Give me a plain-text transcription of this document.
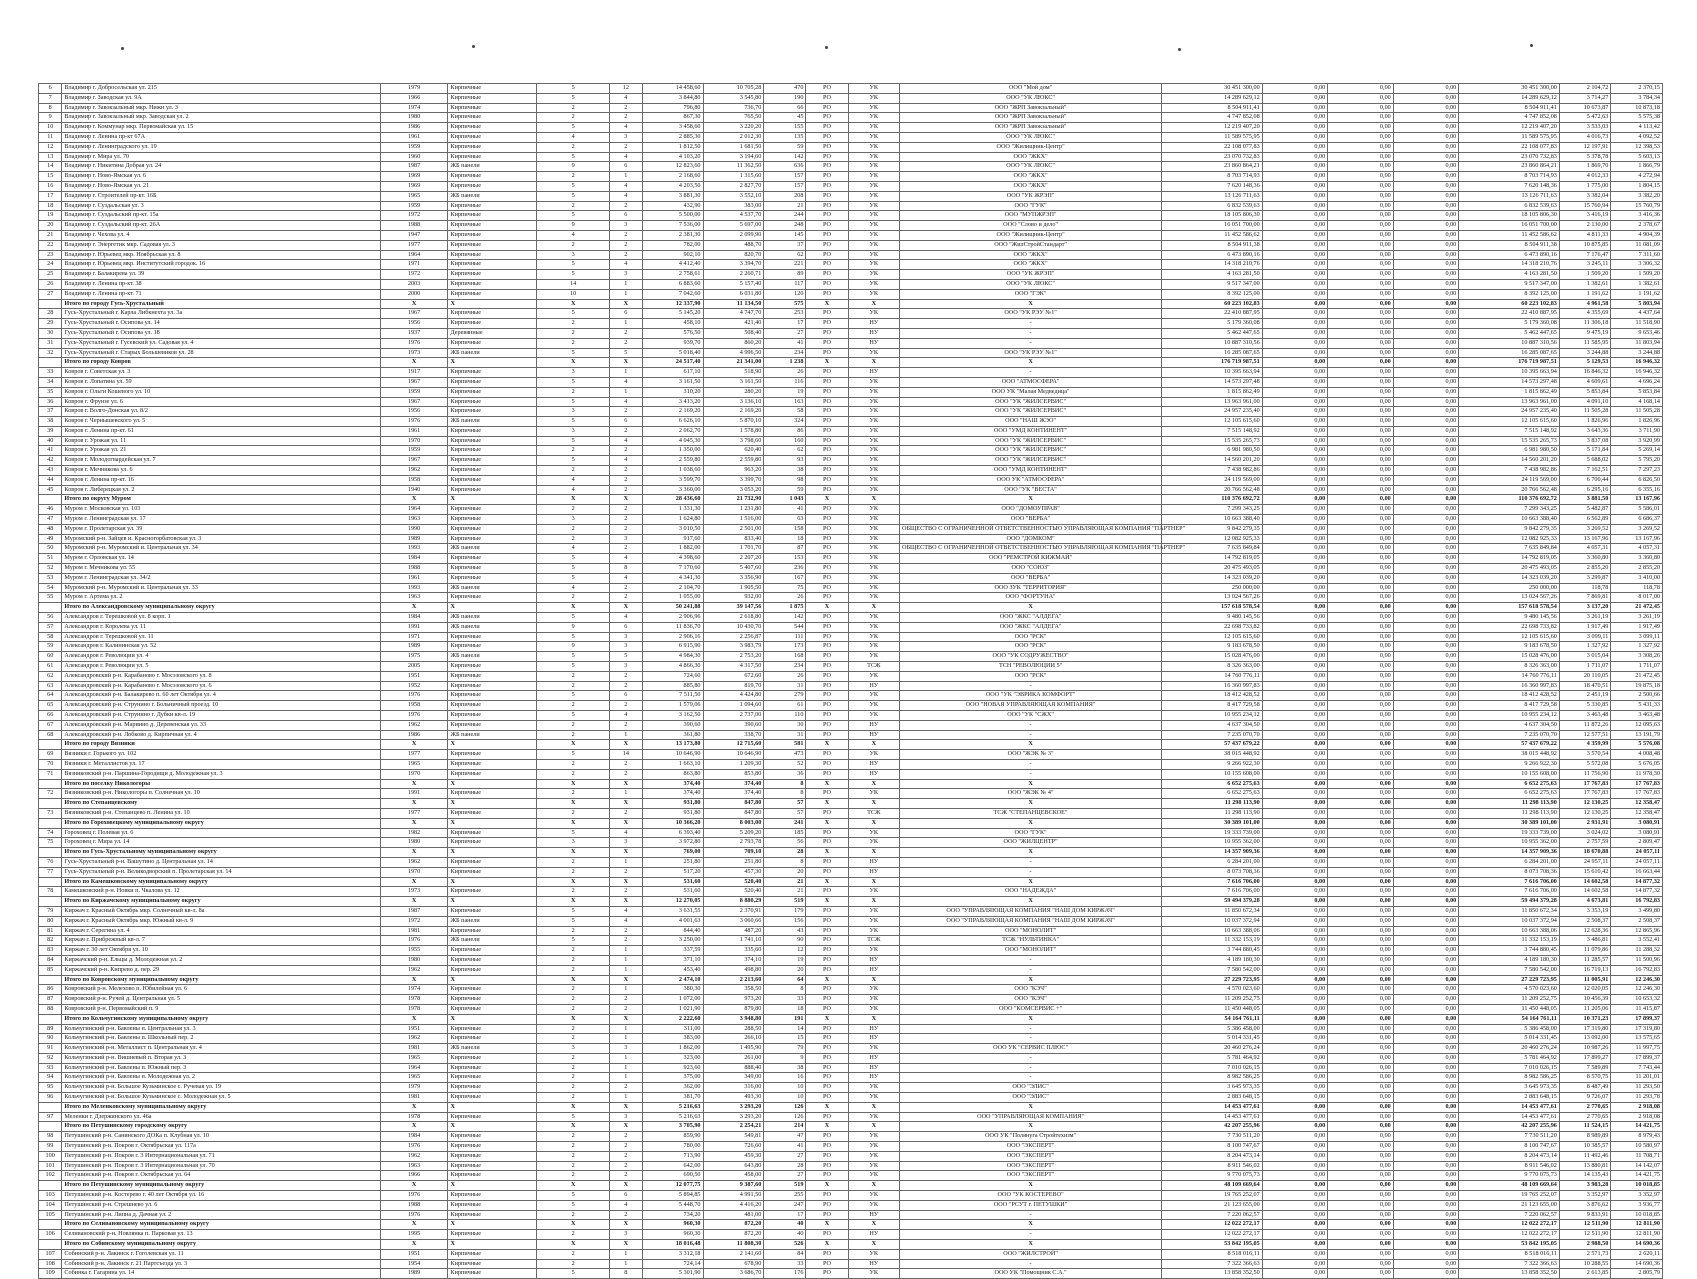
6	Владимир г. Добросельская ул. 215	1979	Кирпичные	5	12	14 458,60	10 705,28	470	РО	УК	ООО "Мой дом"	30 451 300,00	0,00	0,00	0,00	30 451 300,00	2 104,72	2 370,15
7	Владимир г. Заводская ул. 9А	1966	Кирпичные	5	4	3 844,80	3 545,80	190	РО	УК	ООО "УК ЛЮКС"	14 289 629,12	0,00	0,00	0,00	14 289 629,12	3 714,27	3 784,34
8	Владимир г. Завокзальный мкр. Нижн ул. 3	1974	Кирпичные	2	2	796,80	736,70	66	РО	УК	ООО "ЖРП Завокзальный"	8 504 911,41	0,00	0,00	0,00	8 504 911,41	10 673,87	10 873,18
9	Владимир г. Завокзальный мкр. Заводская ул. 2	1980	Кирпичные	2	2	867,30	765,50	45	РО	УК	ООО "ЖРП Завокзальный"	4 747 852,08	0,00	0,00	0,00	4 747 852,08	5 472,63	5 575,38
10	Владимир г. Коммунар мкр. Первомайская ул. 15	1986	Кирпичные	5	4	3 458,60	3 220,20	155	РО	УК	ООО "ЖРП Завокзальный"	12 219 407,20	0,00	0,00	0,00	12 219 407,20	3 533,03	4 113,42
11	Владимир г. Ленина пр-кт 67А	1961	Кирпичные	4	3	2 885,30	2 012,30	135	РО	УК	ООО "УК ЛЮКС"	11 589 575,95	0,00	0,00	0,00	11 589 575,95	4 016,73	4 092,52
12	Владимир г. Ленинградского ул. 19	1959	Кирпичные	2	2	1 812,50	1 681,50	59	РО	УК	ООО "Жилищник-Центр"	22 108 077,83	0,00	0,00	0,00	22 108 077,83	12 197,91	12 398,53
13	Владимир г. Мира ул. 70	1960	Кирпичные	5	4	4 103,20	3 194,60	142	РО	УК	ООО "ЖКХ"	23 070 732,83	0,00	0,00	0,00	23 070 732,83	5 378,78	5 603,13
14	Владимир г. Никитина Добрая ул. 24	1987	ЖБ панели	9	6	12 823,60	11 362,50	636	РО	УК	ООО "УК ЛЮКС"	23 860 864,21	0,00	0,00	0,00	23 860 864,21	1 869,70	1 866,79
15	Владимир г. Ново-Ямская ул. 6	1969	Кирпичные	2	1	2 168,60	1 315,60	157	РО	УК	ООО "ЖКХ"	8 703 714,93	0,00	0,00	0,00	8 703 714,93	4 012,33	4 272,94
16	Владимир г. Ново-Ямская ул. 21	1969	Кирпичные	5	4	4 203,50	2 827,70	157	РО	УК	ООО "ЖКХ"	7 620 148,36	0,00	0,00	0,00	7 620 148,36	1 775,00	1 804,15
17	Владимир г. Строителей пр-кт. 16Б	1965	ЖБ панели	5	4	3 881,30	3 552,10	208	РО	УК	ООО "УК ЖРЭП"	13 126 711,63	0,00	0,00	0,00	13 126 711,63	3 382,04	3 382,20
18	Владимир г. Суздальская ул. 3	1959	Кирпичные	2	2	432,90	383,00	21	РО	УК	ООО "ГУК"	6 832 539,63	0,00	0,00	0,00	6 832 539,63	15 760,94	15 760,79
19	Владимир г. Суздальский пр-кт. 15а	1972	Кирпичные	5	6	5 500,00	4 537,70	244	РО	УК	ООО "МУПЖРЭП"	18 105 806,30	0,00	0,00	0,00	18 105 806,30	3 416,19	3 416,36
20	Владимир г. Суздальский пр-кт. 26А	1988	Кирпичные	9	3	7 536,00	5 697,00	248	РО	УК	ООО "Слово и дело"	16 051 700,00	0,00	0,00	0,00	16 051 700,00	2 130,00	2 378,67
21	Владимир г. Чехова ул. 4	1947	Кирпичные	4	2	2 381,30	2 099,90	145	РО	УК	ООО "Жилищник-Центр"	11 452 586,62	0,00	0,00	0,00	11 452 586,62	4 811,33	4 904,39
22	Владимир г. Энергетик мкр. Садовая ул. 3	1977	Кирпичные	2	2	782,00	488,70	37	РО	УК	ООО "ЖилСтройСтандарт"	8 504 911,38	0,00	0,00	0,00	8 504 911,38	10 875,85	11 081,09
23	Владимир г. Юрьевец мкр. Ноябрьская ул. 8	1964	Кирпичные	3	2	902,10	820,70	62	РО	УК	ООО "ЖКХ"	6 473 890,16	0,00	0,00	0,00	6 473 890,16	7 176,47	7 311,60
24	Владимир г. Юрьевец мкр. Институтский городок. 16	1971	Кирпичные	5	4	4 412,40	3 394,70	221	РО	УК	ООО "ЖКХ"	14 318 210,76	0,00	0,00	0,00	14 318 210,76	3 245,11	3 306,32
25	Владимир г. Балакирева ул. 39	1972	Кирпичные	5	3	2 758,61	2 260,71	89	РО	УК	ООО "УК ЖРЭП"	4 163 281,50	0,00	0,00	0,00	4 163 281,50	1 509,20	1 509,20
26	Владимир г. Ленина пр-кт. 38	2003	Кирпичные	14	1	6 883,60	5 157,40	117	РО	УК	ООО "УК ЛЮКС"	9 517 347,00	0,00	0,00	0,00	9 517 347,00	1 382,61	1 382,61
27	Владимир г. Ленина пр-кт. 71	2000	Кирпичные	10	1	7 042,60	6 031,80	120	РО	УК	ООО "ГЭК"	8 392 125,00	0,00	0,00	0,00	8 392 125,00	1 191,62	1 191,62
	Итого по городу Гусь-Хрустальный	X	X	X	X	12 337,90	11 134,50	575	X	X	X	60 223 102,83	0,00	0,00	0,00	60 223 102,83	4 961,58	5 803,94
28	Гусь-Хрустальный г. Карла Либкнехта ул. 3а	1967	Кирпичные	5	6	5 145,20	4 747,70	253	РО	УК	ООО "УК РЭУ №1"	22 410 887,95	0,00	0,00	0,00	22 410 887,95	4 355,69	4 437,64
29	Гусь-Хрустальный г. Осипова ул. 14	1956	Кирпичные	2	1	458,10	421,40	17	РО	НУ	-	5 179 360,08	0,00	0,00	0,00	5 179 360,08	11 306,18	11 518,90
30	Гусь-Хрустальный г. Осипова ул. 18	1937	Деревянные	2	2	576,50	508,40	27	РО	НУ	-	5 462 447,65	0,00	0,00	0,00	5 462 447,65	9 475,19	9 653,46
31	Гусь-Хрустальный г. Гусевский ул. Садовая ул. 4	1976	Кирпичные	2	2	939,70	860,20	41	РО	НУ	-	10 887 310,56	0,00	0,00	0,00	10 887 310,56	11 585,95	11 803,94
32	Гусь-Хрустальный г. Старых Большевиков ул. 28	1973	ЖБ панели	5	5	5 018,40	4 996,50	234	РО	УК	ООО "УК РЭУ №1"	16 285 087,65	0,00	0,00	0,00	16 285 087,65	3 244,88	3 244,88
	Итого по городу Ковров	X	X	X	X	24 517,40	21 341,00	1 238	X	X	X	176 719 987,51	0,00	0,00	0,00	176 719 987,51	5 129,53	16 946,32
33	Ковров г. Советская ул. 3	1917	Кирпичные	3	1	617,10	518,90	26	РО	НУ	-	10 395 663,94	0,00	0,00	0,00	10 395 663,94	16 846,32	16 946,32
34	Ковров г. Лопатина ул. 59	1967	Кирпичные	5	4	3 161,50	3 161,50	116	РО	УК	ООО "АТМОСФЕРА"	14 573 297,48	0,00	0,00	0,00	14 573 297,48	4 609,61	4 696,24
35	Ковров г. Ольги Кошевого ул. 10	1959	Кирпичные	2	1	310,20	280,20	19	РО	УК	ООО УК "Малая Медведица"	1 815 862,49	0,00	0,00	0,00	1 815 862,49	5 853,84	5 853,84
36	Ковров г. Фрунзе ул. 6	1967	Кирпичные	5	4	3 413,20	3 136,10	163	РО	УК	ООО "УК "ЖИЛСЕРВИС"	13 963 961,00	0,00	0,00	0,00	13 963 961,00	4 091,10	4 168,14
37	Ковров г. Волго-Донская ул. 8/2	1956	Кирпичные	3	2	2 169,20	2 169,20	58	РО	УК	ООО "УК "ЖИЛСЕРВИС"	24 957 235,40	0,00	0,00	0,00	24 957 235,40	11 505,28	11 505,28
38	Ковров г. Чернышевского ул. 5	1976	ЖБ панели	5	6	6 626,10	5 870,10	324	РО	УК	ООО "НАШ ЖЭО"	12 105 615,60	0,00	0,00	0,00	12 105 615,60	1 826,96	1 826,96
39	Ковров г. Ленина пр-кт. 61	1961	Кирпичные	3	2	2 062,70	1 578,80	86	РО	УК	ООО "УМД КОНТИНЕНТ"	7 515 148,92	0,00	0,00	0,00	7 515 148,92	3 643,36	3 711,90
40	Ковров г. Урожая ул. 11	1970	Кирпичные	5	4	4 045,30	3 798,60	160	РО	УК	ООО "УК "ЖИЛСЕРВИС"	15 535 265,73	0,00	0,00	0,00	15 535 265,73	3 837,08	3 920,99
41	Ковров г. Урожая ул. 21	1959	Кирпичные	2	2	1 350,00	620,40	62	РО	УК	ООО "УК "ЖИЛСЕРВИС"	6 981 980,50	0,00	0,00	0,00	6 981 980,50	5 171,84	5 269,14
42	Ковров г. Молодогвардейская ул. 7	1967	Кирпичные	5	4	2 559,80	2 559,80	93	РО	УК	ООО "УК "ЖИЛСЕРВИС"	14 560 201,20	0,00	0,00	0,00	14 560 201,20	5 688,02	5 795,20
43	Ковров г. Мечникова ул. 6	1962	Кирпичные	2	2	1 038,60	963,20	38	РО	УК	ООО "УМД КОНТИНЕНТ"	7 438 982,86	0,00	0,00	0,00	7 438 982,86	7 162,51	7 297,23
44	Ковров г. Ленина пр-кт. 16	1958	Кирпичные	4	2	3 599,70	3 399,70	98	РО	УК	ООО УК "АТМОСФЕРА"	24 119 569,00	0,00	0,00	0,00	24 119 569,00	6 700,44	6 826,50
45	Ковров г. Либерецкая ул. 2	1940	Кирпичные	4	2	3 360,00	3 053,20	59	РО	УК	ООО "УК "ВЕСТА"	20 766 562,48	0,00	0,00	0,00	20 766 562,48	6 295,16	6 355,16
	Итого по округу Муром	X	X	X	X	28 436,60	21 732,90	1 043	X	X	X	110 376 692,72	0,00	0,00	0,00	110 376 692,72	3 881,50	13 167,96
46	Муром г. Московская ул. 103	1964	Кирпичные	2	2	1 331,30	1 231,80	41	РО	УК	ООО "ДОМОУПРАВ"	7 299 343,25	0,00	0,00	0,00	7 299 343,25	5 482,87	5 586,01
47	Муром г. Ленинградская ул. 17	1963	Кирпичные	3	2	1 624,80	1 516,00	63	РО	УК	ООО "ВЕРБА"	10 663 388,40	0,00	0,00	0,00	10 663 388,40	6 562,89	6 686,37
48	Муром г. Пролетарская ул. 39	1990	Кирпичные	2	2	3 010,50	2 501,00	158	РО	УК	ОБЩЕСТВО С ОГРАНИЧЕННОЙ ОТВЕТСТВЕННОСТЬЮ УПРАВЛЯЮЩАЯ КОМПАНИЯ "ПАРТНЕР"	9 842 279,35	0,00	0,00	0,00	9 842 279,35	3 269,52	3 269,52
49	Муромский р-н. Зайцев и. Красногорбатовская ул. 3	1989	Кирпичные	2	3	917,60	833,40	18	РО	УК	ООО "ДОМКОМ"	12 082 925,33	0,00	0,00	0,00	12 082 925,33	13 167,96	13 167,96
50	Муромский р-н. Муромский и. Центральная ул. 34	1993	ЖБ панели	4	2	1 882,00	1 701,70	87	РО	УК	ОБЩЕСТВО С ОГРАНИЧЕННОЙ ОТВЕТСТВЕННОСТЬЮ УПРАВЛЯЮЩАЯ КОМПАНИЯ "ПАРТНЕР"	7 635 849,84	0,00	0,00	0,00	7 635 849,84	4 057,31	4 057,31
51	Муром г. Орловская ул. 14	1984	Кирпичные	5	4	4 398,60	2 207,20	153	РО	УК	ООО "РЕМСТРОЙ КИЖМАЙ"	14 792 819,05	0,00	0,00	0,00	14 792 819,05	3 360,80	3 360,80
52	Муром г. Мечникова ул. 55	1988	Кирпичные	5	8	7 170,60	5 407,60	236	РО	УК	ООО "СОЮЗ"	20 475 493,05	0,00	0,00	0,00	20 475 493,05	2 855,20	2 855,20
53	Муром г. Ленинградская ул. 34/2	1961	Кирпичные	5	4	4 341,30	3 356,90	167	РО	УК	ООО "ВЕРБА"	14 323 039,20	0,00	0,00	0,00	14 323 039,20	3 299,87	3 410,00
54	Муромский р-н. Муромский и. Центральная ул. 33	1993	ЖБ панели	4	2	2 104,70	1 905,50	75	РО	УК	ООО ЗУК "ТЕРРИТОРИЯ"	250 000,00	0,00	0,00	0,00	250 000,00	118,78	118,78
55	Муром г. Артема ул. 2	1963	Кирпичные	2	2	1 055,00	932,00	26	РО	УК	ООО "ФОРТУНА"	13 024 567,26	0,00	0,00	0,00	13 024 567,26	7 869,81	8 017,00
	Итого по Александровскому муниципальному округу	X	X	X	X	50 241,88	39 147,56	1 875	X	X	X	157 618 578,54	0,00	0,00	0,00	157 618 578,54	3 137,20	21 472,45
56	Александров г. Терешковой ул. 8 корп. 1	1984	ЖБ панели	5	4	2 906,96	2 618,80	142	РО	УК	ООО "ЖКС "АЛДЕГА"	9 480 145,56	0,00	0,00	0,00	9 480 145,56	3 261,19	3 261,19
57	Александров г. Королева ул. 11	1991	ЖБ панели	9	6	11 836,70	10 430,70	544	РО	УК	ООО "ЖКС "АЛДЕГА"	22 698 733,82	0,00	0,00	0,00	22 698 733,82	1 917,49	1 917,49
58	Александров г. Терешковой ул. 11	1971	Кирпичные	5	3	2 906,16	2 256,87	111	РО	УК	ООО "РСК"	12 105 615,60	0,00	0,00	0,00	12 105 615,60	3 099,11	3 099,11
59	Александров г. Калининская ул. 52	1989	Кирпичные	9	3	6 915,90	3 983,79	173	РО	УК	ООО "РСК"	9 183 678,50	0,00	0,00	0,00	9 183 678,50	1 327,92	1 327,92
60	Александров г. Революции ул. 4	1975	ЖБ панели	5	5	4 984,30	2 753,20	168	РО	УК	ООО "УК СОДРУЖЕСТВО"	15 028 476,00	0,00	0,00	0,00	15 028 476,00	3 015,04	3 308,26
61	Александров г. Революции ул. 5	2005	Кирпичные	5	3	4 866,30	4 317,50	234	РО	ТСЖ	ТСН "РЕВОЛЮЦИИ 5"	8 326 363,00	0,00	0,00	0,00	8 326 363,00	1 711,07	1 711,07
62	Александровский р-н. Карабаново г. Мосэзовского ул. 8	1951	Кирпичные	2	2	724,60	672,60	26	РО	УК	ООО "РСК"	14 760 776,11	0,00	0,00	0,00	14 760 776,11	20 110,05	21 472,45
63	Александровский р-н. Карабаново г. Мосэзовского ул. 6	1952	Кирпичные	2	2	885,80	819,70	31	РО	НУ	-	16 360 997,83	0,00	0,00	0,00	16 360 997,83	18 470,51	19 875,18
64	Александровский р-н. Балакирево п. 60 лет Октября ул. 4	1976	Кирпичные	5	6	7 511,50	4 424,80	279	РО	УК	ООО "УК "ЭВРИКА КОМФОРТ"	18 412 428,52	0,00	0,00	0,00	18 412 428,52	2 451,19	2 500,66
65	Александровский р-н. Струнино г. Больничный проезд. 10	1958	Кирпичные	2	2	1 579,06	1 094,60	61	РО	УК	ООО "НОВАЯ УПРАВЛЯЮЩАЯ КОМПАНИЯ"	8 417 729,58	0,00	0,00	0,00	8 417 729,58	5 330,85	5 431,33
66	Александровский р-н. Струнино г. Дубки кв-л. 19	1976	Кирпичные	5	4	3 162,50	2 737,00	110	РО	УК	ООО "УК "СЖХ"	10 955 234,12	0,00	0,00	0,00	10 955 234,12	3 463,48	3 463,48
67	Александровский р-н. Мариино д. Деревенская ул. 33	1962	Кирпичные	2	2	390,60	390,60	30	РО	НУ	-	4 637 304,50	0,00	0,00	0,00	4 637 304,50	11 872,26	12 095,63
68	Александровский р-н. Лобково д. Кирпичная ул. 4	1986	ЖБ панели	2	1	361,80	338,70	31	РО	НУ	-	7 235 070,70	0,00	0,00	0,00	7 235 070,70	12 577,51	13 191,79
	Итого по городу Вязники	X	X	X	X	13 173,80	12 715,60	581	X	X	X	57 437 679,22	0,00	0,00	0,00	57 437 679,22	4 359,99	5 576,08
69	Вязники г. Горького ул. 102	1977	Кирпичные	5	14	10 646,90	10 646,90	473	РО	УК	ООО "ЖЭК № 3"	38 015 448,92	0,00	0,00	0,00	38 015 448,92	3 570,54	4 008,48
70	Вязники г. Металлистов ул. 17	1965	Кирпичные	2	2	1 663,10	1 209,30	52	РО	НУ	-	9 266 922,30	0,00	0,00	0,00	9 266 922,30	5 572,08	5 676,05
71	Вязниковский р-н. Паршина-Городищи д. Молодежная ул. 3	1970	Кирпичные	2	2	863,80	853,80	36	РО	НУ	-	10 155 608,00	0,00	0,00	0,00	10 155 608,00	11 756,90	11 978,30
	Итого по поселку Никологоры	X	X	X	X	374,40	374,40	8	X	X	X	6 652 275,63	0,00	0,00	0,00	6 652 275,63	17 767,83	17 767,83
72	Вязниковский р-н. Никологоры п. Солнечная ул. 10	1991	Кирпичные	2	1	374,40	374,40	8	РО	УК	ООО "ЖЭК № 4"	6 652 275,63	0,00	0,00	0,00	6 652 275,63	17 767,83	17 767,83
	Итого по Степанцевскому	X	X	X	X	931,80	847,80	57	X	X	X	11 298 113,90	0,00	0,00	0,00	11 298 113,90	12 130,25	12 358,47
73	Вязниковский р-н. Степанцево п. Ленина ул. 10	1977	Кирпичные	2	2	931,80	847,80	57	РО	ТСЖ	ТСЖ "СТЕПАНЦЕВСКОЕ"	11 298 113,90	0,00	0,00	0,00	11 298 113,90	12 130,25	12 358,47
	Итого по Гороховецкому муниципальному округу	X	X	X	X	10 366,20	8 003,00	241	X	X	X	30 389 101,00	0,00	0,00	0,00	30 389 101,00	2 931,91	3 080,91
74	Гороховец г. Полевая ул. 6	1982	Кирпичные	5	4	6 393,40	5 209,20	185	РО	УК	ООО "ГУК"	19 333 739,00	0,00	0,00	0,00	19 333 739,00	3 024,02	3 080,91
75	Гороховец г. Мира ул. 14	1980	Кирпичные	3	3	3 972,80	2 793,78	56	РО	УК	ООО "ЖИЛЦЕНТР"	10 955 362,00	0,00	0,00	0,00	10 955 362,00	2 757,59	2 809,47
	Итого по Гусь-Хрустальному муниципальному округу	X	X	X	X	769,00	709,10	28	X	X	X	14 357 909,36	0,00	0,00	0,00	14 357 909,36	18 670,88	24 057,11
76	Гусь-Хрустальный р-н. Вашутино д. Центральная ул. 14	1962	Кирпичные	2	1	251,80	251,80	8	РО	НУ	-	6 284 201,00	0,00	0,00	0,00	6 284 201,00	24 957,11	24 057,11
77	Гусь-Хрустальный р-н. Великодворский п. Пролетарская ул. 14	1970	Кирпичные	2	2	517,20	457,30	20	РО	НУ	-	8 073 708,36	0,00	0,00	0,00	8 073 708,36	15 610,42	16 663,44
	Итого по Камешковскому муниципальному округу	X	X	X	X	531,60	520,40	21	X	X	X	7 616 706,00	0,00	0,00	0,00	7 616 706,00	14 602,58	14 877,32
78	Камешковский р-н. Новки п. Чкалова ул. 12	1973	Кирпичные	2	2	531,60	520,40	21	РО	УК	ООО "НАДЕЖДА"	7 616 706,00	0,00	0,00	0,00	7 616 706,00	14 602,58	14 877,32
	Итого по Киржачскому муниципальному округу	X	X	X	X	12 270,05	8 880,29	519	X	X	X	59 494 379,28	0,00	0,00	0,00	59 494 379,28	4 673,81	16 792,83
79	Киржач г. Красный Октябрь мкр. Солнечный кв-л. 8а	1987	Кирпичные	5	4	3 631,55	2 370,91	179	РО	УК	ООО "УПРАВЛЯЮЩАЯ КОМПАНИЯ "НАШ ДОМ КИРЖАЧ"	11 850 672,34	0,00	0,00	0,00	11 850 672,34	3 353,19	3 499,80
80	Киржач г. Красный Октябрь мкр. Южный кв-л. 9	1972	ЖБ панели	5	4	4 001,63	3 060,66	156	РО	УК	ООО "УПРАВЛЯЮЩАЯ КОМПАНИЯ "НАШ ДОМ КИРЖАЧ"	10 037 372,94	0,00	0,00	0,00	10 037 372,94	2 508,37	2 508,37
81	Киржач г. Серегина ул. 4	1981	Кирпичные	2	2	844,40	487,20	43	РО	УК	ООО "МОНОЛИТ"	10 663 388,06	0,00	0,00	0,00	10 663 388,06	12 628,36	12 865,96
82	Киржач г. Прибрежный кв-л. 7	1976	ЖБ панели	5	2	3 250,00	1 741,10	90	РО	ТСЖ	ТСЖ "НУЛЬТИНКА"	11 332 153,19	0,00	0,00	0,00	11 332 153,19	3 486,81	3 552,41
83	Киржач г. 30 лет Октября ул. 10	1955	Кирпичные	2	1	337,59	335,60	12	РО	УК	ООО "МОНОЛИТ"	3 744 880,45	0,00	0,00	0,00	3 744 880,45	11 079,86	11 288,32
84	Киржачский р-н. Ельцы д. Молодежная ул. 2	1980	Кирпичные	2	1	371,10	374,10	19	РО	НУ	-	4 189 180,30	0,00	0,00	0,00	4 189 180,30	11 285,57	11 500,96
85	Киржачский р-н. Кипрево д. пер. 29	1962	Кирпичные	2	1	453,40	498,80	20	РО	НУ	-	7 580 542,00	0,00	0,00	0,00	7 580 542,00	16 719,13	16 792,83
	Итого по Ковровскому муниципальному округу	X	X	X	X	2 474,10	2 213,60	64	X	X	X	27 229 723,95	0,00	0,00	0,00	27 229 723,95	11 005,91	12 246,30
86	Ковровский р-н. Мелехово п. Юбилейная ул. 6	1974	Кирпичные	2	1	380,30	358,50	8	РО	УК	ООО "КЭЧ"	4 570 023,60	0,00	0,00	0,00	4 570 023,60	12 020,05	12 246,30
87	Ковровский р-н. Ручей д. Центральная ул. 5	1978	Кирпичные	2	2	1 072,00	973,20	33	РО	УК	ООО "КЭЧ"	11 209 252,75	0,00	0,00	0,00	11 209 252,75	10 456,39	10 653,32
88	Ковровский р-н. Первомайский п. 9	1978	Кирпичные	2	2	1 021,90	879,80	18	РО	УК	ООО "КОМСЕРВИС +"	11 450 448,05	0,00	0,00	0,00	11 450 448,05	11 205,06	11 415,87
	Итого по Кольчугинскому муниципальному округу	X	X	X	X	2 222,60	3 948,80	191	X	X	X	54 164 761,11	0,00	0,00	0,00	54 164 761,11	10 371,23	17 899,37
89	Кольчугинский р-н. Бавлены п. Центральная ул. 3	1951	Кирпичные	2	1	311,00	288,50	14	РО	НУ	-	5 386 458,00	0,00	0,00	0,00	5 386 458,00	17 319,80	17 319,80
90	Кольчугинский р-н. Бавлены п. Школьный пер. 2	1962	Кирпичные	2	1	383,00	266,10	15	РО	НУ	-	5 014 331,45	0,00	0,00	0,00	5 014 331,45	13 092,00	13 575,65
91	Кольчугинский р-н. Металлист п. Центральная ул. 4	1981	ЖБ панели	3	3	1 862,00	1 495,90	79	РО	УК	ООО УК "СЕРВИС ПЛЮС"	20 460 276,24	0,00	0,00	0,00	20 460 276,24	10 987,26	11 997,75
92	Кольчугинский р-н. Вишневый п. Вторая ул. 3	1965	Кирпичные	2	1	323,00	261,00	9	РО	НУ	-	5 781 464,92	0,00	0,00	0,00	5 781 464,92	17 899,27	17 899,37
93	Кольчугинский р-н. Бавлены п. Южный пер. 3	1964	Кирпичные	2	1	923,60	888,40	38	РО	НУ	-	7 010 026,15	0,00	0,00	0,00	7 010 026,15	7 589,89	7 743,44
94	Кольчугинский р-н. Бавлены п. Молодежная ул. 2	1965	Кирпичные	2	1	375,00	349,00	16	РО	НУ	-	8 982 586,25	0,00	0,00	0,00	8 982 586,25	8 570,75	11 201,01
95	Кольчугинский р-н. Большое Кузьминское с. Ручевая ул. 19	1979	Кирпичные	2	2	362,00	316,00	10	РО	УК	ООО "ЭЛИС"	3 645 973,35	0,00	0,00	0,00	3 645 973,35	8 487,49	11 293,50
96	Кольчугинский р-н. Большое Кузьминское с. Молодежная ул. 5	1981	Кирпичные	2	1	381,70	493,30	10	РО	УК	ООО "ЭЛИС"	2 883 648,15	0,00	0,00	0,00	2 883 648,15	9 726,07	11 293,78
	Итого по Меленковскому муниципальному округу	X	X	X	X	5 216,63	3 293,20	126	X	X	X	14 453 477,61	0,00	0,00	0,00	14 453 477,61	2 770,65	2 918,08
97	Меленки г. Дзержинского ул. 46а	1978	Кирпичные	5	3	5 216,63	3 293,20	126	РО	УК	ООО "УПРАВЛЯЮЩАЯ КОМПАНИЯ"	14 453 477,61	0,00	0,00	0,00	14 453 477,61	2 770,65	2 918,08
	Итого по Петушинскому городскому округу	X	X	X	X	3 705,90	2 254,21	214	X	X	X	42 207 255,96	0,00	0,00	0,00	42 207 255,96	11 524,15	14 421,75
98	Петушинский р-н. Санинского ДОКа п. Клубная ул. 10	1984	Кирпичные	2	2	859,90	549,81	47	РО	УК	ООО УК "Полянуга Стройтехизм"	7 730 511,20	0,00	0,00	0,00	7 730 511,20	8 989,89	8 979,43
99	Петушинский р-н. Покров г. Октябрьская ул. 117а	1976	Кирпичные	2	2	780,00	726,60	41	РО	УК	ООО "ЭКСПЕРТ"	8 100 747,67	0,00	0,00	0,00	8 100 747,67	10 385,57	10 580,97
100	Петушинский р-н. Покров г. 3 Интернациональная ул. 71	1962	Кирпичные	2	2	713,90	459,30	27	РО	УК	ООО "ЭКСПЕРТ"	8 204 473,14	0,00	0,00	0,00	8 204 473,14	11 492,46	11 708,71
101	Петушинский р-н. Покров г. 3 Интернациональная ул. 70	1963	Кирпичные	2	2	642,00	643,80	28	РО	УК	ООО "ЭКСПЕРТ"	8 911 546,02	0,00	0,00	0,00	8 911 546,02	13 880,81	14 142,07
102	Петушинский р-н. Покров г. Октябрьская ул. 64	1966	Кирпичные	2	2	690,50	458,00	27	РО	УК	ООО "ЭКСПЕРТ"	9 770 075,73	0,00	0,00	0,00	9 770 075,73	14 135,43	14 421,75
	Итого по Петушинскому муниципальному округу	X	X	X	X	12 077,75	9 387,60	519	X	X	X	48 109 669,64	0,00	0,00	0,00	48 109 669,64	3 983,28	10 018,85
103	Петушинский р-н. Костерево г. 40 лет Октября ул. 16	1976	Кирпичные	5	6	5 894,85	4 991,50	255	РО	УК	ООО "УК КОСТЕРЕВО"	19 765 252,07	0,00	0,00	0,00	19 765 252,07	3 352,97	3 352,97
104	Петушинский р-н. Стрешнево ул. 6	1988	Кирпичные	5	4	5 448,70	4 416,20	247	РО	УК	ООО "РСУТ г. ПЕТУШКИ"	21 123 655,00	0,00	0,00	0,00	21 123 655,00	3 876,62	3 936,77
105	Петушинский р-н. Липна д. Дачная ул. 2	1976	Кирпичные	2	2	734,20	481,00	17	РО	НУ	-	7 220 062,57	0,00	0,00	0,00	7 220 062,57	9 833,91	10 018,85
	Итого по Селивановскому муниципальному округу	X	X	X	X	960,30	872,20	40	X	X	X	12 022 272,17	0,00	0,00	0,00	12 022 272,17	12 511,90	12 811,90
106	Селивановский р-н. Новлянка п. Парковая ул. 13	1995	Кирпичные	2	3	960,30	872,20	40	РО	НУ	-	12 022 272,17	0,00	0,00	0,00	12 022 272,17	12 511,90	12 811,90
	Итого по Собинскому муниципальному округу	X	X	X	X	18 016,48	11 808,30	526	X	X	X	53 842 195,05	0,00	0,00	0,00	53 842 195,05	2 988,50	14 690,36
107	Собинский р-н. Лакинск г. Гоголевская ул. 11	1951	Кирпичные	2	1	3 312,18	2 141,60	84	РО	УК	ООО "ЖИЛСТРОЙ"	8 518 016,11	0,00	0,00	0,00	8 518 016,11	2 571,73	2 620,11
108	Собинский р-н. Лакинск г. 21 Партсъезда ул. 3	1954	Кирпичные	2	1	724,14	678,90	33	РО	НУ	-	7 322 366,63	0,00	0,00	0,00	7 322 366,63	10 288,55	14 690,36
109	Собинка г. Гагарина ул. 14	1989	Кирпичные	5	8	5 301,90	3 686,70	176	РО	УК	ООО УК "Помощник С.А."	13 858 352,50	0,00	0,00	0,00	13 858 352,50	2 613,85	2 805,79
